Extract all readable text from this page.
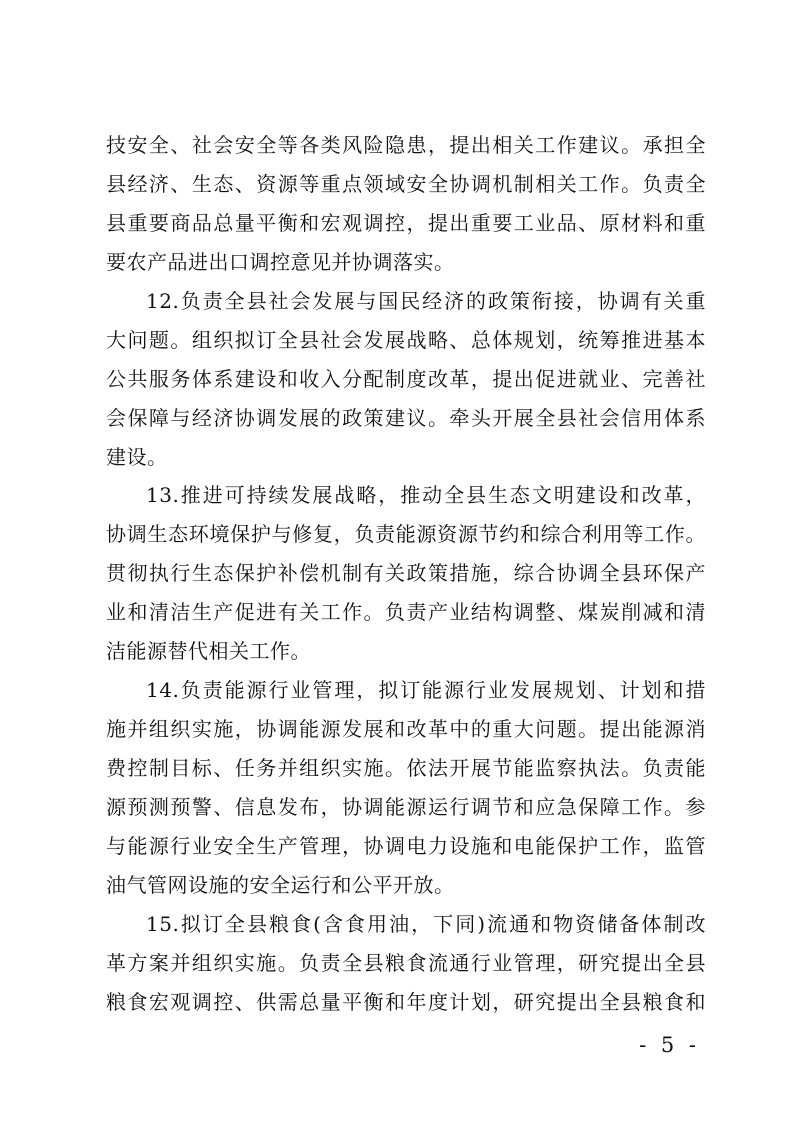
技安全、社会安全等各类风险隐患，提出相关工作建议。承担全
县经济、生态、资源等重点领域安全协调机制相关工作。负责全
县重要商品总量平衡和宏观调控，提出重要工业品、原材料和重
要农产品进出口调控意见并协调落实。
12.负责全县社会发展与国民经济的政策衔接，协调有关重
大问题。组织拟订全县社会发展战略、总体规划，统筹推进基本
公共服务体系建设和收入分配制度改革，提出促进就业、完善社
会保障与经济协调发展的政策建议。牵头开展全县社会信用体系
建设。
13.推进可持续发展战略，推动全县生态文明建设和改革，
协调生态环境保护与修复，负责能源资源节约和综合利用等工作。
贯彻执行生态保护补偿机制有关政策措施，综合协调全县环保产
业和清洁生产促进有关工作。负责产业结构调整、煤炭削减和清
洁能源替代相关工作。
14.负责能源行业管理，拟订能源行业发展规划、计划和措
施并组织实施，协调能源发展和改革中的重大问题。提出能源消
费控制目标、任务并组织实施。依法开展节能监察执法。负责能
源预测预警、信息发布，协调能源运行调节和应急保障工作。参
与能源行业安全生产管理，协调电力设施和电能保护工作，监管
油气管网设施的安全运行和公平开放。
15.拟订全县粮食(含食用油，下同)流通和物资储备体制改
革方案并组织实施。负责全县粮食流通行业管理，研究提出全县
粮食宏观调控、供需总量平衡和年度计划，研究提出全县粮食和
- 5 -
